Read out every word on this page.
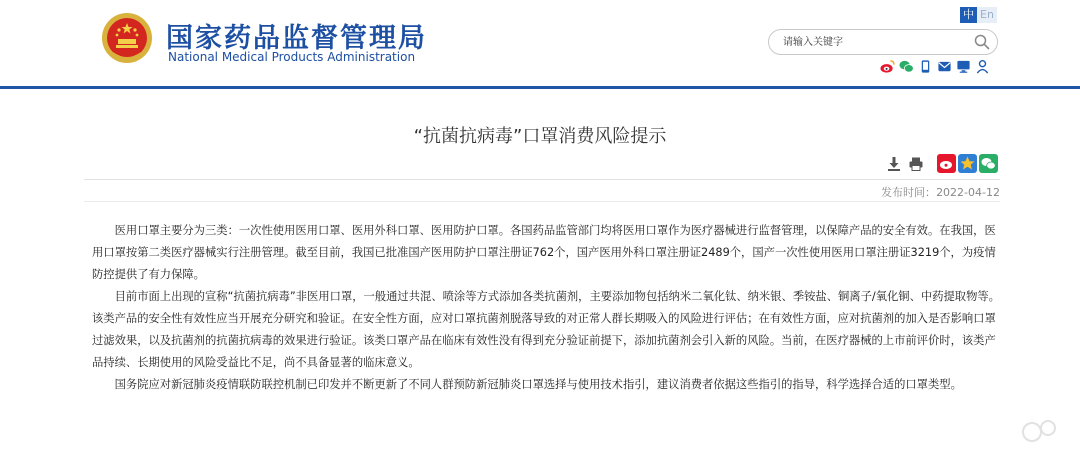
国家药品监督管理局
National Medical Products Administration
中 En
请输入关键字
“抗菌抗病毒”口罩消费风险提示
发布时间：2022-04-12

医用口罩主要分为三类：一次性使用医用口罩、医用外科口罩、医用防护口罩。各国药品监管部门均将医用口罩作为医疗器械进行监督管理，以保障产品的安全有效。在我国，医用口罩按第二类医疗器械实行注册管理。截至目前，我国已批准国产医用防护口罩注册证762个，国产医用外科口罩注册证2489个，国产一次性使用医用口罩注册证3219个，为疫情防控提供了有力保障。

目前市面上出现的宣称“抗菌抗病毒”非医用口罩，一般通过共混、喷涂等方式添加各类抗菌剂，主要添加物包括纳米二氧化钛、纳米银、季铵盐、铜离子/氧化铜、中药提取物等。该类产品的安全性有效性应当开展充分研究和验证。在安全性方面，应对口罩抗菌剂脱落导致的对正常人群长期吸入的风险进行评估；在有效性方面，应对抗菌剂的加入是否影响口罩过滤效果，以及抗菌剂的抗菌抗病毒的效果进行验证。该类口罩产品在临床有效性没有得到充分验证前提下，添加抗菌剂会引入新的风险。当前，在医疗器械的上市前评价时，该类产品持续、长期使用的风险受益比不足，尚不具备显著的临床意义。

国务院应对新冠肺炎疫情联防联控机制已印发并不断更新了不同人群预防新冠肺炎口罩选择与使用技术指引，建议消费者依据这些指引的指导，科学选择合适的口罩类型。
